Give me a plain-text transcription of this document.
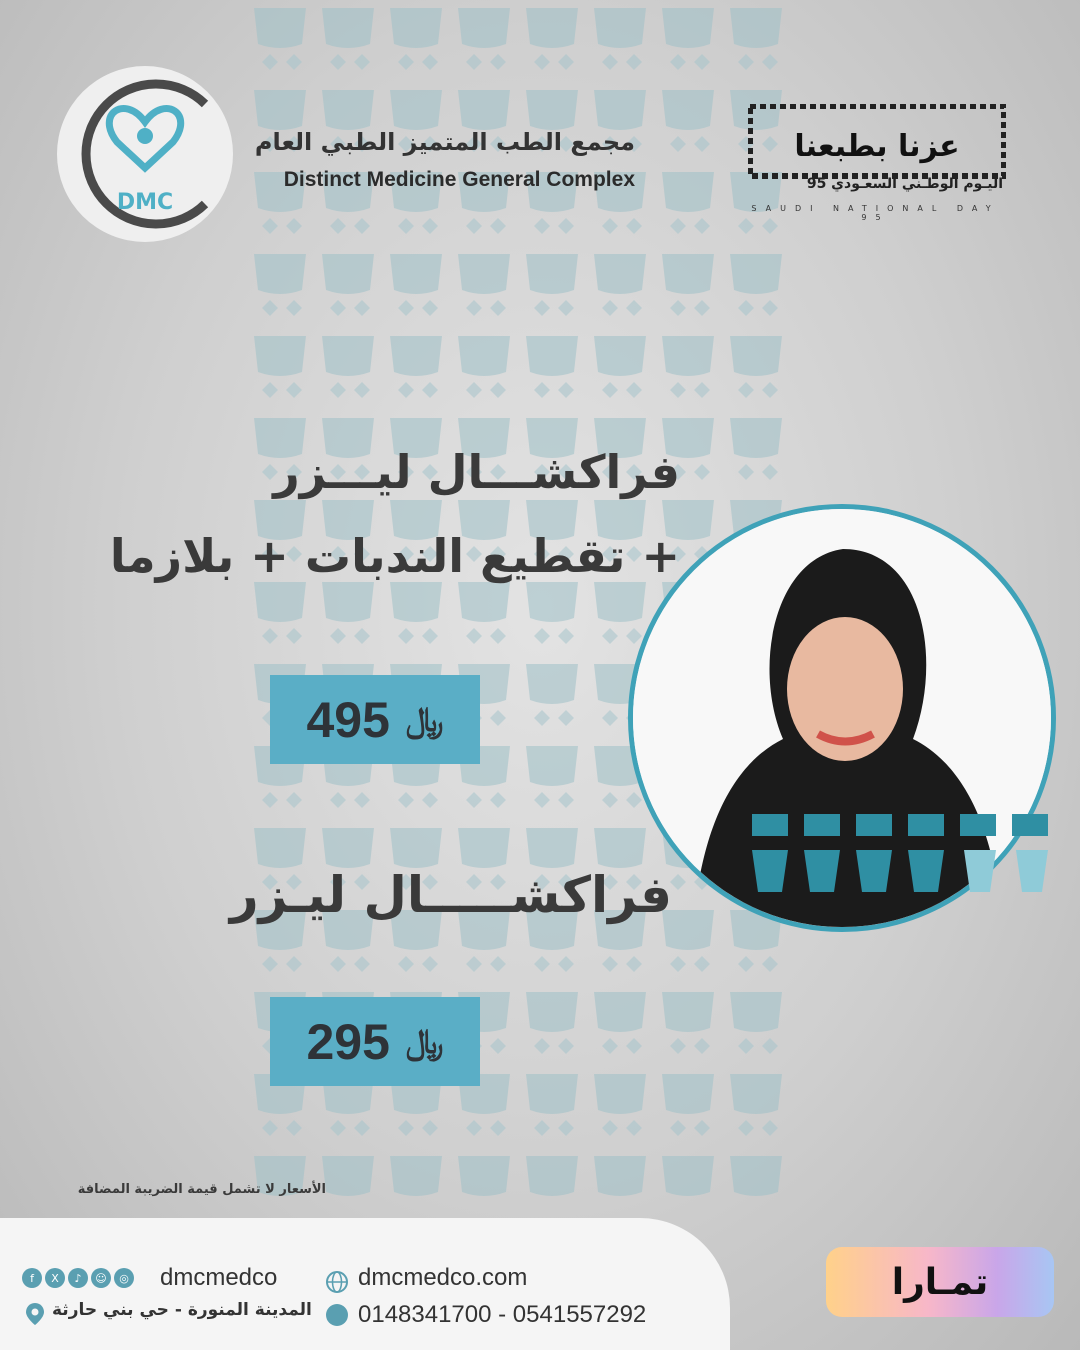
DMC
مجمع الطب المتميز الطبي العام
Distinct Medicine General Complex
عزنا بطبعنا
اليـوم الوطـني السعـودي 95
SAUDI NATIONAL DAY 95
فراكشـــال ليـــزر
+ تقطيع الندبات + بلازما
495 ﷼
فراكشـــــال ليـزر
295 ﷼
الأسعار لا تشمل قيمة الضريبة المضافة
f	X	♪	☺	◎ dmcmedco	dmcmedco.com
المدينة المنورة - حي بني حارثة 0148341700 - 0541557292
تمـارا
